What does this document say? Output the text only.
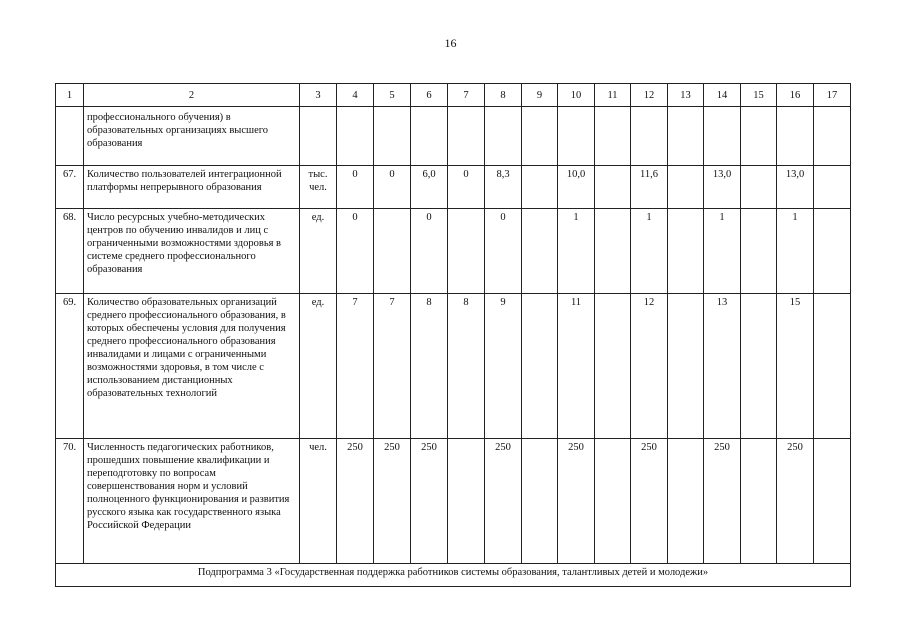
16
1	2	3	4	5	6	7	8	9	10	11	12	13	14	15	16	17
	профессионального обучения) в образовательных организациях высшего образования															
67.	Количество пользователей интеграционной платформы непрерывного образования	тыс. чел.	0	0	6,0	0	8,3		10,0		11,6		13,0		13,0	
68.	Число ресурсных учебно-методических центров по обучению инвалидов и лиц с ограниченными возможностями здоровья в системе среднего профессионального образования	ед.	0		0		0		1		1		1		1	
69.	Количество образовательных организаций среднего профессионального образования, в которых обеспечены условия для получения среднего профессионального образования инвалидами и лицами с ограниченными возможностями здоровья, в том числе с использованием дистанционных образовательных технологий	ед.	7	7	8	8	9		11		12		13		15	
70.	Численность педагогических работников, прошедших повышение квалификации и переподготовку по вопросам совершенствования норм и условий полноценного функционирования и развития русского языка как государственного языка Российской Федерации	чел.	250	250	250		250		250		250		250		250	
Подпрограмма 3 «Государственная поддержка работников системы образования, талантливых детей и молодежи»																
